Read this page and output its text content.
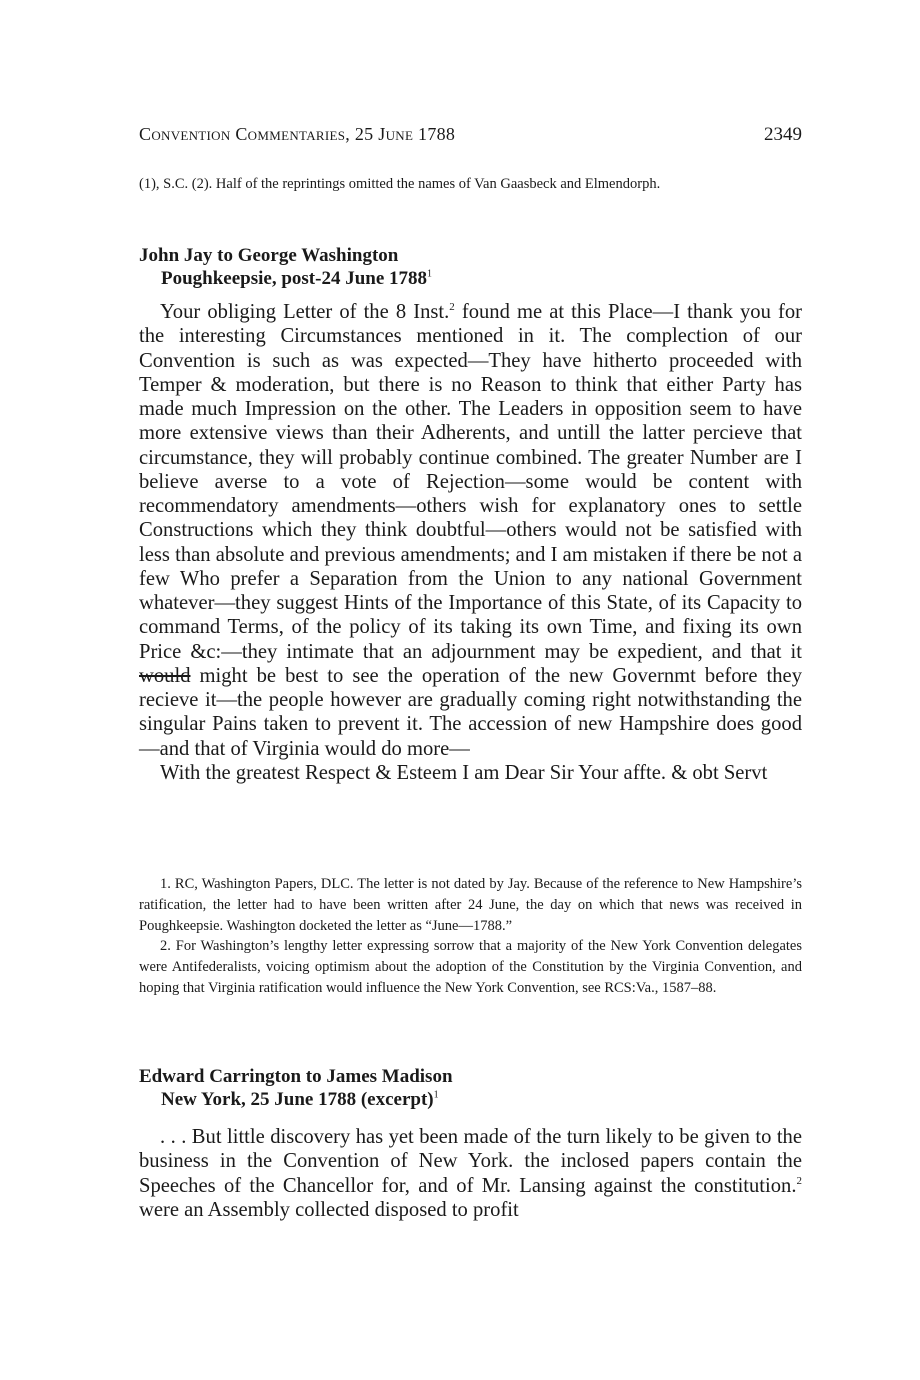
Convention Commentaries, 25 June 1788	2349
(1), S.C. (2). Half of the reprintings omitted the names of Van Gaasbeck and Elmendorph.
John Jay to George Washington
Poughkeepsie, post-24 June 1788$^1$

Your obliging Letter of the 8 Inst.$^2$ found me at this Place—I thank you for the interesting Circumstances mentioned in it. The complection of our Convention is such as was expected—They have hitherto proceeded with Temper & moderation, but there is no Reason to think that either Party has made much Impression on the other. The Leaders in opposition seem to have more extensive views than their Adherents, and untill the latter percieve that circumstance, they will probably continue combined. The greater Number are I believe averse to a vote of Rejection—some would be content with recommendatory amendments—others wish for explanatory ones to settle Constructions which they think doubtful—others would not be satisfied with less than absolute and previous amendments; and I am mistaken if there be not a few Who prefer a Separation from the Union to any national Government whatever—they suggest Hints of the Importance of this State, of its Capacity to command Terms, of the policy of its taking its own Time, and fixing its own Price &c:—they intimate that an adjournment may be expedient, and that it would might be best to see the operation of the new Governmt before they recieve it—the people however are gradually coming right notwithstanding the singular Pains taken to prevent it. The accession of new Hampshire does good—and that of Virginia would do more—

With the greatest Respect & Esteem I am Dear Sir Your affte. & obt Servt

1. RC, Washington Papers, DLC. The letter is not dated by Jay. Because of the reference to New Hampshire’s ratification, the letter had to have been written after 24 June, the day on which that news was received in Poughkeepsie. Washington docketed the letter as “June—1788.”

2. For Washington’s lengthy letter expressing sorrow that a majority of the New York Convention delegates were Antifederalists, voicing optimism about the adoption of the Constitution by the Virginia Convention, and hoping that Virginia ratification would influence the New York Convention, see RCS:Va., 1587–88.

Edward Carrington to James Madison
New York, 25 June 1788 (excerpt)$^1$

. . . But little discovery has yet been made of the turn likely to be given to the business in the Convention of New York. the inclosed papers contain the Speeches of the Chancellor for, and of Mr. Lansing against the constitution.$^2$ were an Assembly collected disposed to profit
